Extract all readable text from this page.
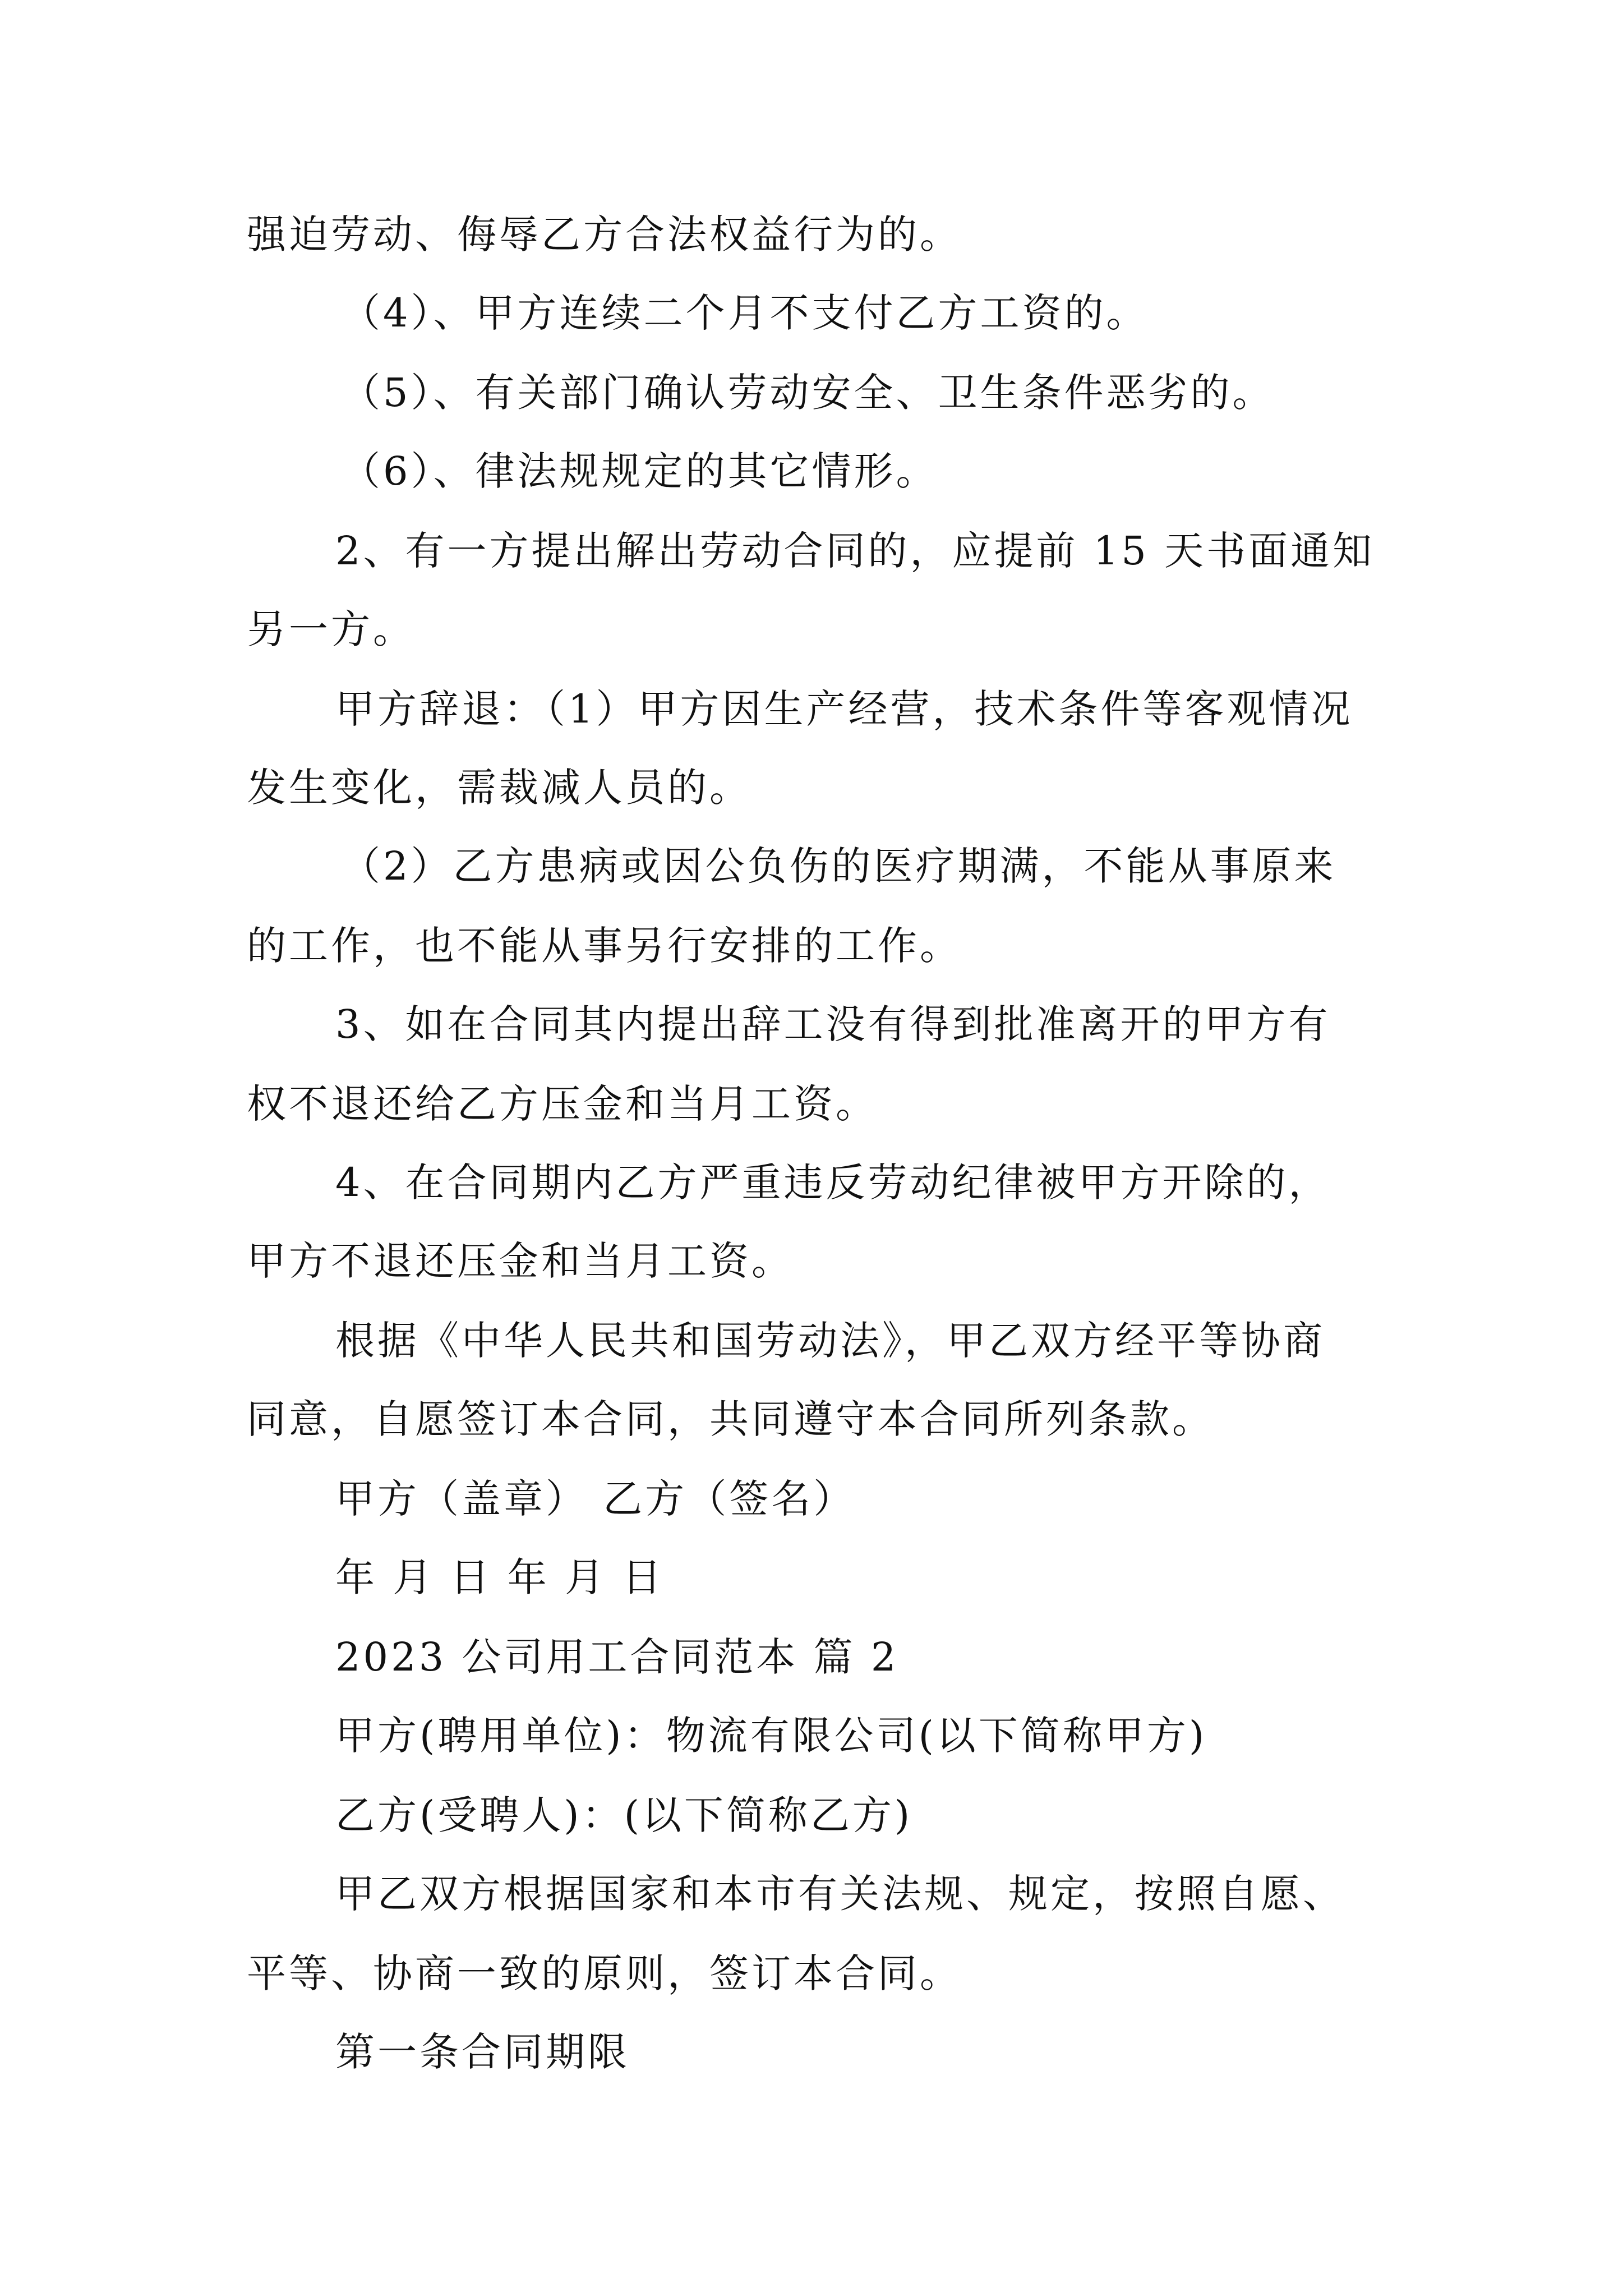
强迫劳动、侮辱乙方合法权益行为的。
（4）、甲方连续二个月不支付乙方工资的。
（5）、有关部门确认劳动安全、卫生条件恶劣的。
（6）、律法规规定的其它情形。
2、有一方提出解出劳动合同的，应提前 15 天书面通知
另一方。
甲方辞退：（1）甲方因生产经营，技术条件等客观情况
发生变化，需裁减人员的。
（2）乙方患病或因公负伤的医疗期满，不能从事原来
的工作，也不能从事另行安排的工作。
3、如在合同其内提出辞工没有得到批准离开的甲方有
权不退还给乙方压金和当月工资。
4、在合同期内乙方严重违反劳动纪律被甲方开除的，
甲方不退还压金和当月工资。
根据《中华人民共和国劳动法》，甲乙双方经平等协商
同意，自愿签订本合同，共同遵守本合同所列条款。
甲方（盖章） 乙方（签名）
年 月 日 年 月 日
2023 公司用工合同范本 篇 2
甲方(聘用单位)：物流有限公司(以下简称甲方)
乙方(受聘人)：(以下简称乙方)
甲乙双方根据国家和本市有关法规、规定，按照自愿、
平等、协商一致的原则，签订本合同。
第一条合同期限
